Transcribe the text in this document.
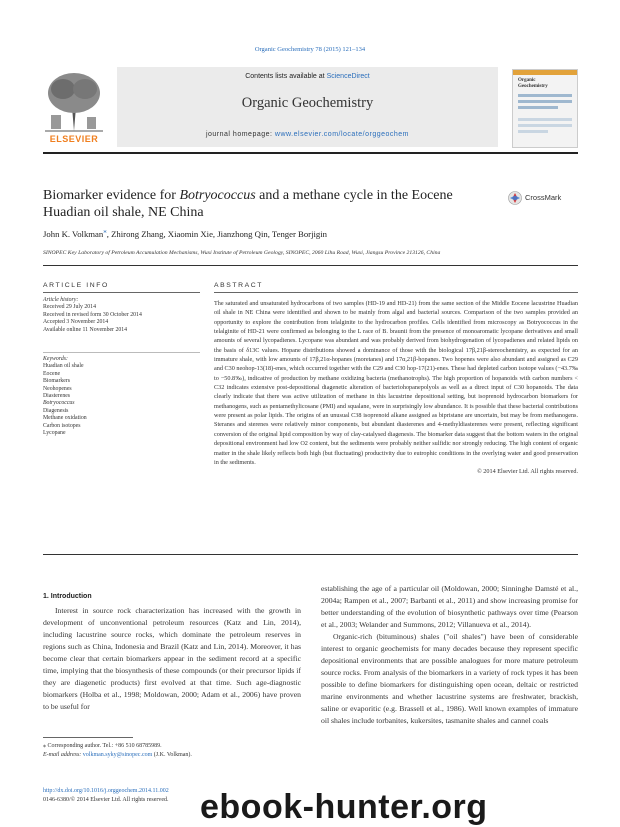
Organic Geochemistry 78 (2015) 121–134
ELSEVIER
Contents lists available at ScienceDirect
Organic Geochemistry
journal homepage: www.elsevier.com/locate/orggeochem
Organic Geochemistry
Biomarker evidence for Botryococcus and a methane cycle in the Eocene Huadian oil shale, NE China
CrossMark
John K. Volkman⁎, Zhirong Zhang, Xiaomin Xie, Jianzhong Qin, Tenger Borjigin
SINOPEC Key Laboratory of Petroleum Accumulation Mechanisms, Wuxi Institute of Petroleum Geology, SINOPEC, 2060 Lihu Road, Wuxi, Jiangsu Province 213126, China
ARTICLE INFO
Article history:
Received 29 July 2014
Received in revised form 30 October 2014
Accepted 3 November 2014
Available online 11 November 2014
Keywords:
Huadian oil shale
Eocene
Biomarkers
Neohopenes
Diasterenes
Botryococcus
Diagenesis
Methane oxidation
Carbon isotopes
Lycopane
ABSTRACT
The saturated and unsaturated hydrocarbons of two samples (HD-19 and HD-21) from the same section of the Middle Eocene lacustrine Huadian oil shale in NE China were identified and shown to be mainly from algal and bacterial sources. Comparison of the two samples provided an opportunity to explore the contribution from telalginite to the hydrocarbon profiles. Cells identified from microscopy as Botryococcus in the telalginite of HD-21 were confirmed as belonging to the L race of B. braunii from the presence of monoaromatic lycopane derivatives and small amounts of several lycopadienes. Lycopane was abundant and was probably derived from biohydrogenation of lycopadienes and related lipids on the basis of δ13C values. Hopane distributions showed a dominance of those with the biological 17β,21β-stereochemistry, as expected for an immature shale, with low amounts of 17β,21α-hopanes (moretanes) and 17α,21β-hopanes. Two hopenes were also abundant and assigned as C29 and C30 neohop-13(18)-enes, which occurred together with the C29 and C30 hop-17(21)-enes. These had depleted carbon isotope values (−43.7‰ to −50.8‰), indicative of production by methane oxidizing bacteria (methanotrophs). The high proportion of hopanoids with carbon numbers < C32 indicates extensive post-depositional diagenetic alteration of bacteriohopanepolyols as well as a direct input of C30 hopanoids. The data clearly indicate that there was active utilization of methane in this lacustrine depositional setting, but isoprenoid hydrocarbon biomarkers for methanogens, such as pentamethylicosane (PMI) and squalane, were in surprisingly low abundance. It is possible that these bacterial contributions were present as polar lipids. The origins of an unusual C38 isoprenoid alkane assigned as bipristane are uncertain, but may be from methanogens. Steranes and sterenes were relatively minor components, but abundant diasterenes and 4-methyldiasterenes were present, reflecting significant conversion of the original lipid composition by way of clay-catalysed diagenesis. The biomarker data suggest that the bottom waters in the original depositional environment had low O2 content, but the sediments were probably neither sulfidic nor strongly reducing. The high content of organic matter in the shale likely reflects both high (but fluctuating) productivity due to eutrophic conditions in the overlying water and good preservation in the sediments.
© 2014 Elsevier Ltd. All rights reserved.
1. Introduction

Interest in source rock characterization has increased with the growth in development of unconventional petroleum resources (Katz and Lin, 2014), including lacustrine source rocks, which dominate the petroleum reserves in regions such as China, Indonesia and Brazil (Katz and Lin, 2014). Moreover, it has become clear that certain biomarkers appear in the sediment record at a specific time, implying that the biosynthesis of these compounds (or their precursor lipids if they are diagenetic products) first evolved at that time. Such age-diagnostic biomarkers (Holba et al., 1998; Moldowan, 2000; Adam et al., 2006) have proven to be useful for

establishing the age of a particular oil (Moldowan, 2000; Sinninghe Damsté et al., 2004a; Rampen et al., 2007; Barbanti et al., 2011) and show increasing promise for better understanding of the evolution of biosynthetic pathways over time (Pearson et al., 2003; Welander and Summons, 2012; Villanueva et al., 2014).

Organic-rich (bituminous) shales ("oil shales") have been of considerable interest to organic geochemists for many decades because they represent specific depositional environments that are possible analogues for more mature petroleum source rocks. From analysis of the biomarkers in a variety of rock types it has been possible to define biomarkers for distinguishing open ocean, deltaic or restricted marine environments and whether lacustrine systems are freshwater, brackish, saline or evaporitic (e.g. Brassell et al., 1986). Well known examples of immature oil shales include torbanites, kukersites, tasmanite shales and cannel coals

⁎ Corresponding author. Tel.: +86 510 68785989.
E-mail address: volkman.syky@sinopec.com (J.K. Volkman).
http://dx.doi.org/10.1016/j.orggeochem.2014.11.002
0146-6380/© 2014 Elsevier Ltd. All rights reserved. ebook-hunter.org
